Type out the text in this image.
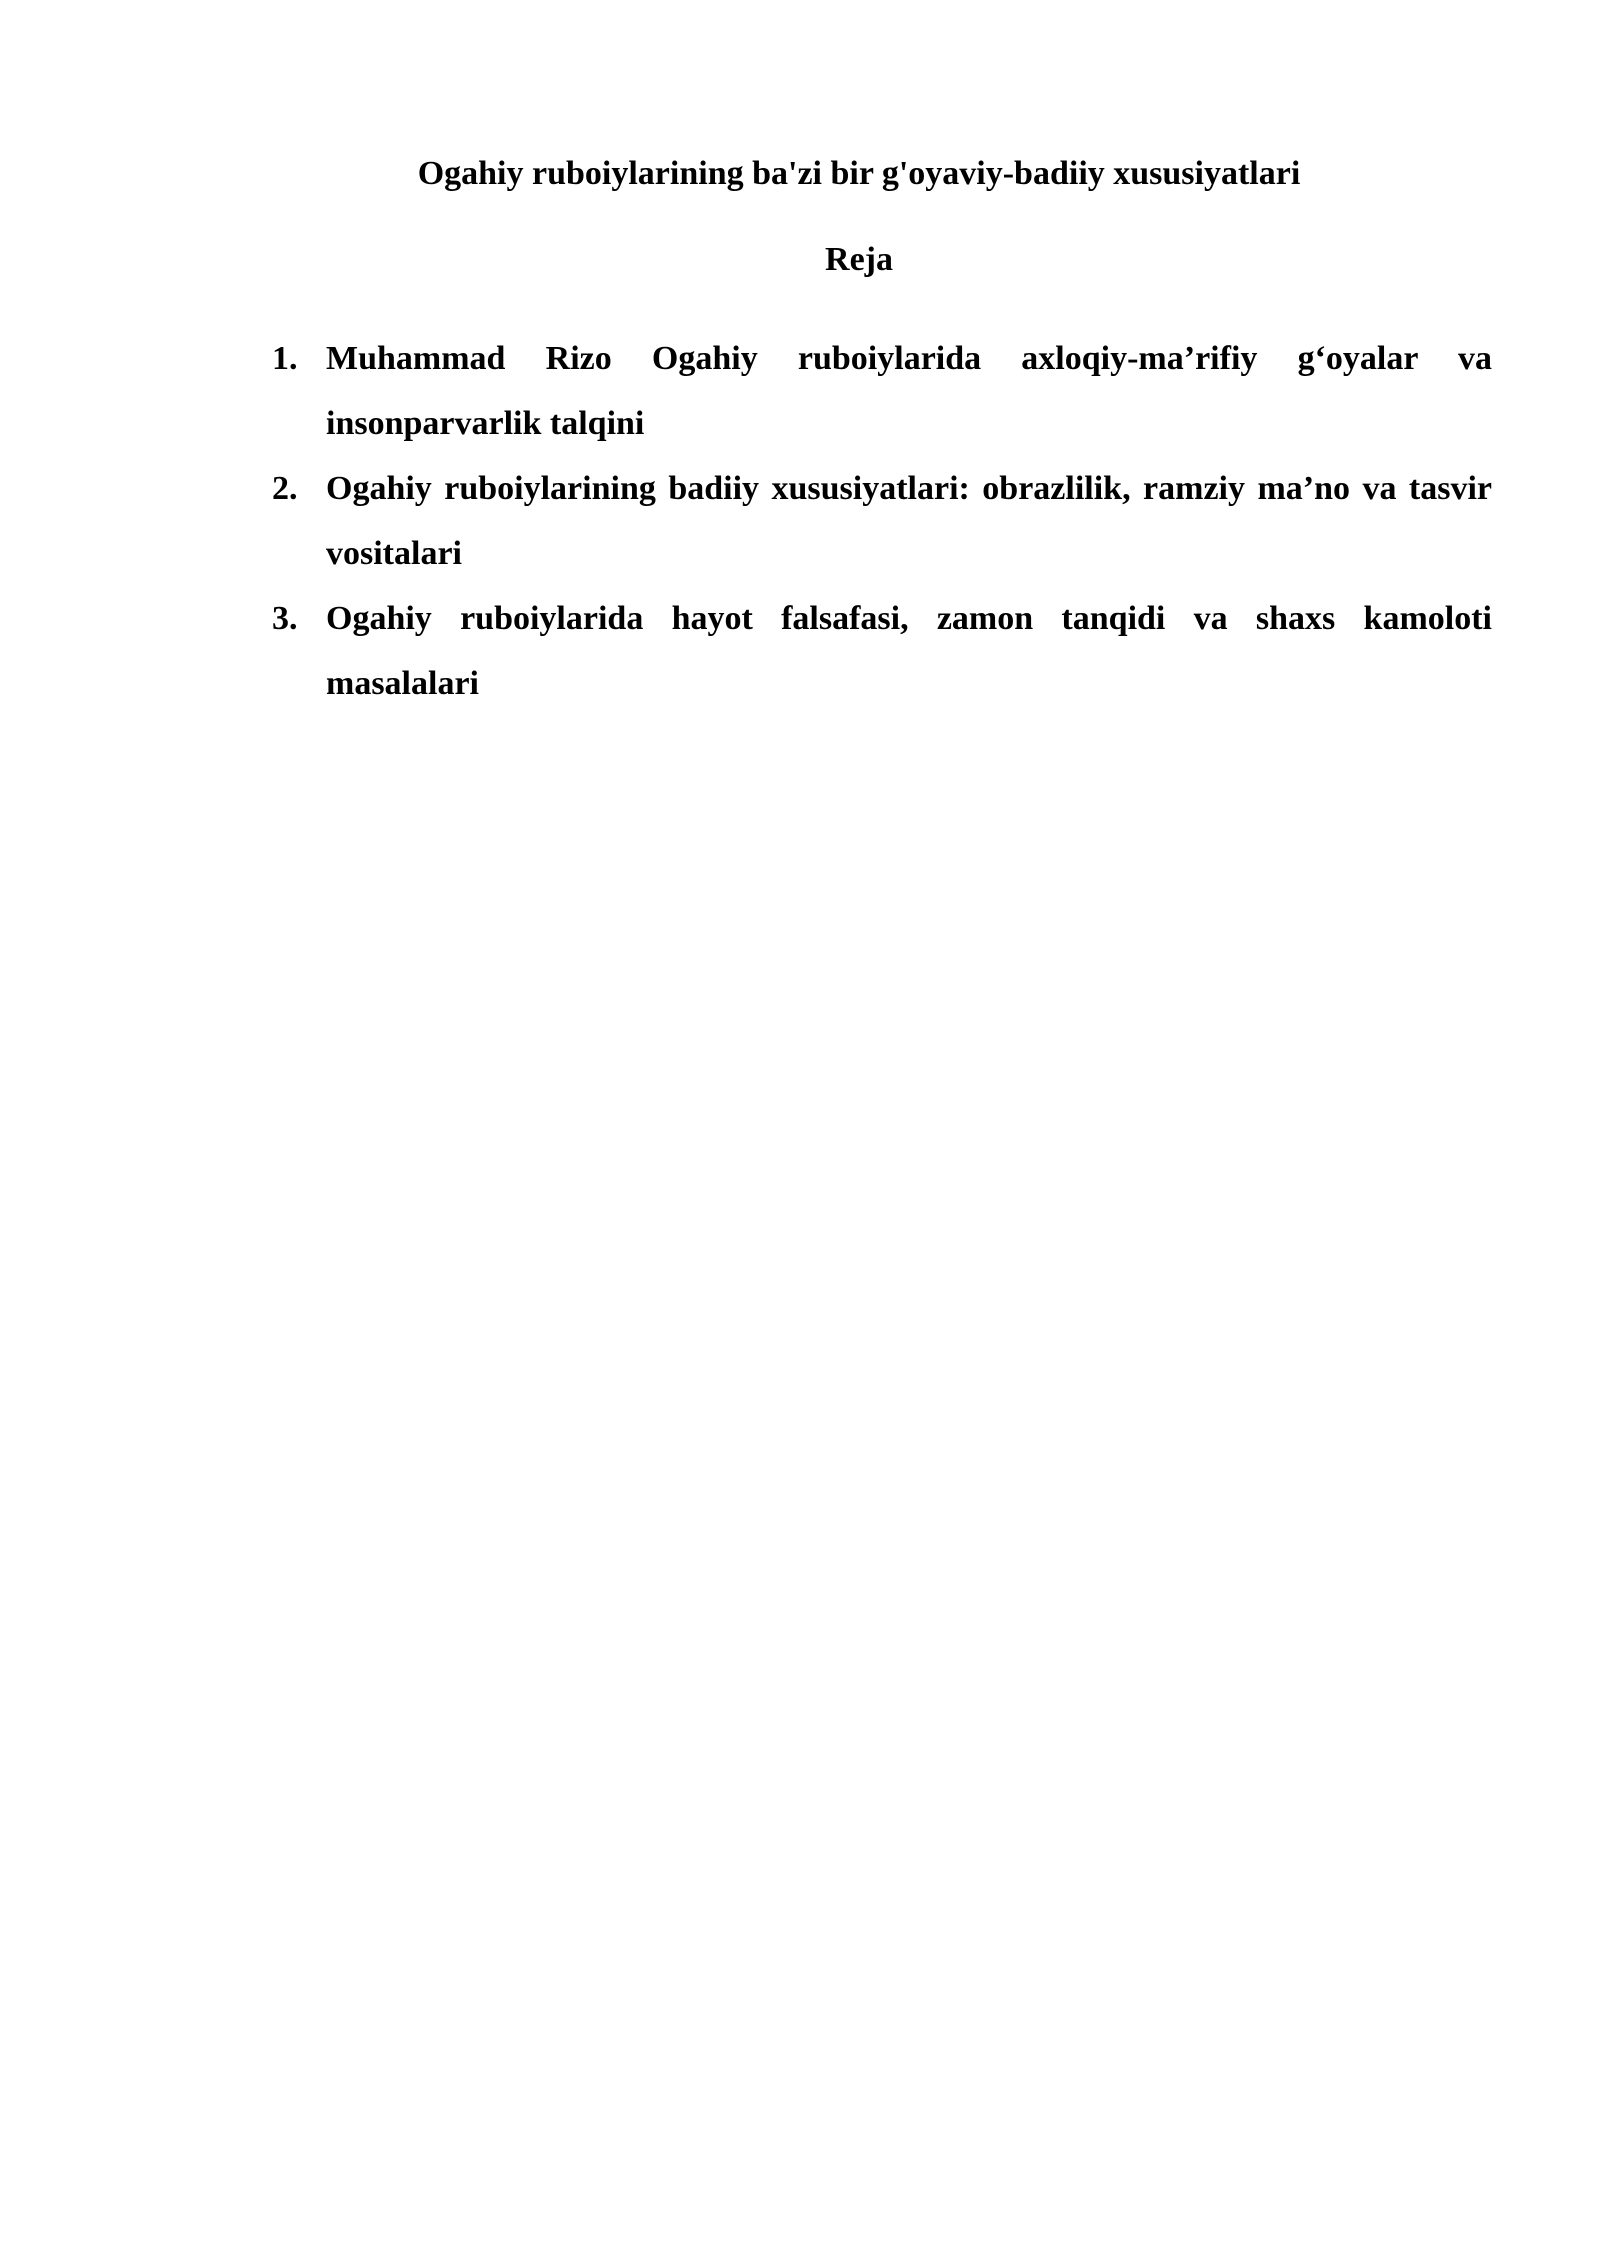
Ogahiy ruboiylarining ba'zi bir g'oyaviy-badiiy xususiyatlari
Reja
1. Muhammad Rizo Ogahiy ruboiylarida axloqiy-ma’rifiy g‘oyalar va insonparvarlik talqini
2. Ogahiy ruboiylarining badiiy xususiyatlari: obrazlilik, ramziy ma’no va tasvir vositalari
3. Ogahiy ruboiylarida hayot falsafasi, zamon tanqidi va shaxs kamoloti masalalari
